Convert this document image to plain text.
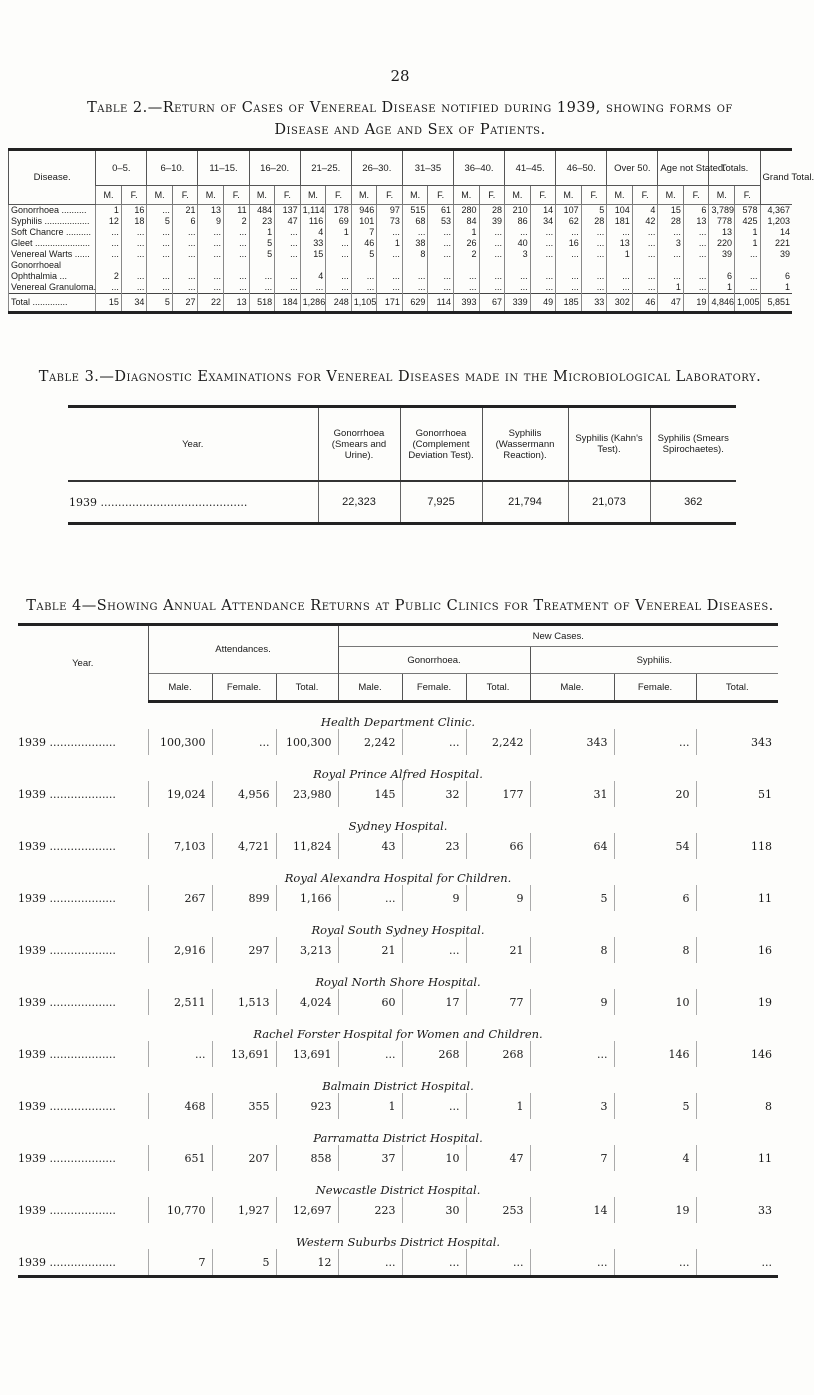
28
Table 2.—Return of Cases of Venereal Disease notified during 1939, showing forms of Disease and Age and Sex of Patients.
Disease.	0–5.		6–10.		11–15.		16–20.		21–25.		26–30.		31–35		36–40.		41–45.		46–50.		Over 50.		Age not Stated.		Totals.		Grand Total.
	M.	F.	M.	F.	M.	F.	M.	F.	M.	F.	M.	F.	M.	F.	M.	F.	M.	F.	M.	F.	M.	F.	M.	F.	M.	F.	
Gonorrhoea ..........	1	16	...	21	13	11	484	137	1,114	178	946	97	515	61	280	28	210	14	107	5	104	4	15	6	3,789	578	4,367
Syphilis ..................	12	18	5	6	9	2	23	47	116	69	101	73	68	53	84	39	86	34	62	28	181	42	28	13	778	425	1,203
Soft Chancre ..........	...	...	...	...	...	...	1	...	4	1	7	...	...	...	1	...	...	...	...	...	...	...	...	...	13	1	14
Gleet ......................	...	...	...	...	...	...	5	...	33	...	46	1	38	...	26	...	40	...	16	...	13	...	3	...	220	1	221
Venereal Warts ......	...	...	...	...	...	...	5	...	15	...	5	...	8	...	2	...	3	...	...	...	1	...	...	...	39	...	39
Gonorrhoeal																											
Ophthalmia ...	2	...	...	...	...	...	...	...	4	...	...	...	...	...	...	...	...	...	...	...	...	...	...	...	6	...	6
Venereal Granuloma.	...	...	...	...	...	...	...	...	...	...	...	...	...	...	...	...	...	...	...	...	...	...	1	...	1	...	1
Total ..............	15	34	5	27	22	13	518	184	1,286	248	1,105	171	629	114	393	67	339	49	185	33	302	46	47	19	4,846	1,005	5,851
Table 3.—Diagnostic Examinations for Venereal Diseases made in the Microbiological Laboratory.
Year.	Gonorrhoea (Smears and Urine).	Gonorrhoea (Complement Deviation Test).	Syphilis (Wassermann Reaction).	Syphilis (Kahn's Test).	Syphilis (Smears Spirochaetes).
1939 ..........................................	22,323	7,925	21,794	21,073	362
Table 4—Showing Annual Attendance Returns at Public Clinics for Treatment of Venereal Diseases.
Year.	Attendances.			New Cases.					
				Gonorrhoea.			Syphilis.		
	Male.	Female.	Total.	Male.	Female.	Total.	Male.	Female.	Total.
Health Department Clinic.									
1939 ...................	100,300	...	100,300	2,242	...	2,242	343	...	343
Royal Prince Alfred Hospital.									
1939 ...................	19,024	4,956	23,980	145	32	177	31	20	51
Sydney Hospital.									
1939 ...................	7,103	4,721	11,824	43	23	66	64	54	118
Royal Alexandra Hospital for Children.									
1939 ...................	267	899	1,166	...	9	9	5	6	11
Royal South Sydney Hospital.									
1939 ...................	2,916	297	3,213	21	...	21	8	8	16
Royal North Shore Hospital.									
1939 ...................	2,511	1,513	4,024	60	17	77	9	10	19
Rachel Forster Hospital for Women and Children.									
1939 ...................	...	13,691	13,691	...	268	268	...	146	146
Balmain District Hospital.									
1939 ...................	468	355	923	1	...	1	3	5	8
Parramatta District Hospital.									
1939 ...................	651	207	858	37	10	47	7	4	11
Newcastle District Hospital.									
1939 ...................	10,770	1,927	12,697	223	30	253	14	19	33
Western Suburbs District Hospital.									
1939 ...................	7	5	12	...	...	...	...	...	...
